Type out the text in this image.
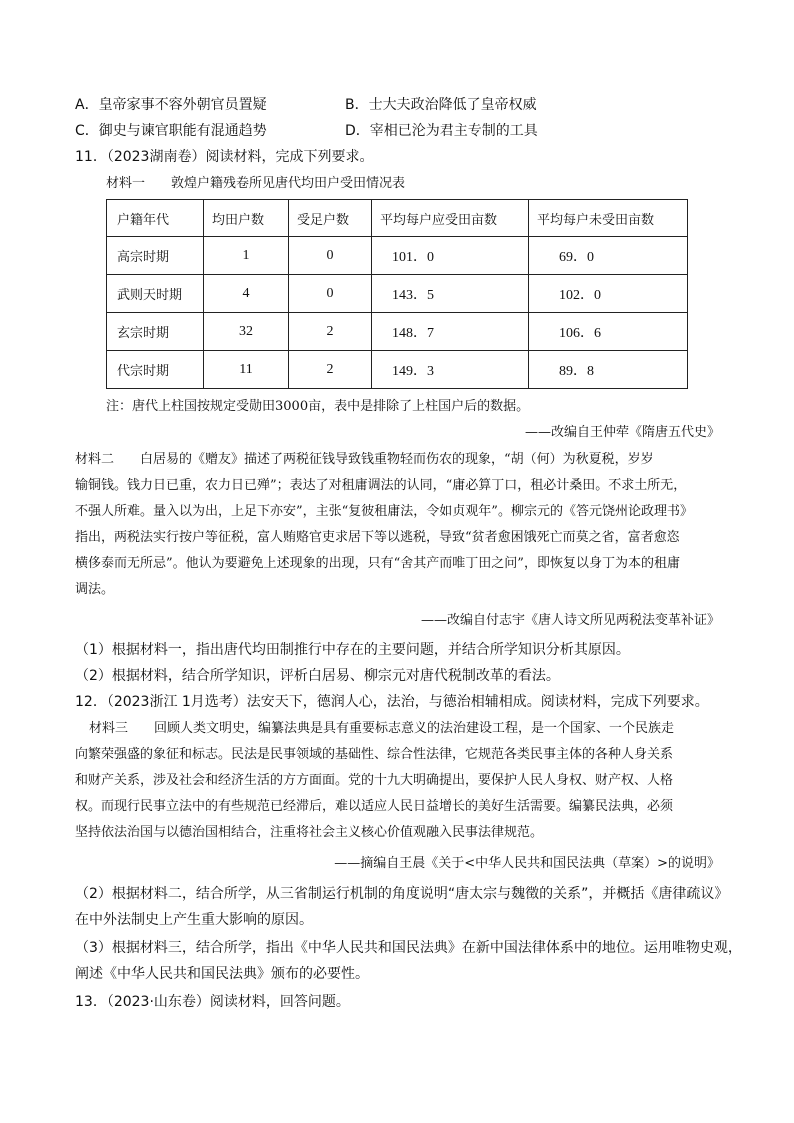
A．皇帝家事不容外朝官员置疑	B．士大夫政治降低了皇帝权威
C．御史与谏官职能有混通趋势	D．宰相已沦为君主专制的工具
11．（2023湖南卷）阅读材料，完成下列要求。
材料一　　敦煌户籍残卷所见唐代均田户受田情况表
户籍年代	均田户数	受足户数	平均每户应受田亩数	平均每户未受田亩数
高宗时期	1	0	101．0	69．0
武则天时期	4	0	143．5	102．0
玄宗时期	32	2	148．7	106．6
代宗时期	11	2	149．3	89．8
注：唐代上柱国按规定受勋田3000亩，表中是排除了上柱国户后的数据。
——改编自王仲荦《隋唐五代史》
材料二　　白居易的《赠友》描述了两税征钱导致钱重物轻而伤农的现象，“胡（何）为秋夏税，岁岁
输铜钱。钱力日已重，农力日已殚”；表达了对租庸调法的认同，“庸必算丁口，租必计桑田。不求土所无，
不强人所难。量入以为出，上足下亦安”，主张“复彼租庸法，令如贞观年”。柳宗元的《答元饶州论政理书》
指出，两税法实行按户等征税，富人贿赂官吏求居下等以逃税，导致“贫者愈困饿死亡而莫之省，富者愈恣
横侈泰而无所忌”。他认为要避免上述现象的出现，只有“舍其产而唯丁田之问”，即恢复以身丁为本的租庸
调法。
——改编自付志宇《唐人诗文所见两税法变革补证》
（1）根据材料一，指出唐代均田制推行中存在的主要问题，并结合所学知识分析其原因。
（2）根据材料，结合所学知识，评析白居易、柳宗元对唐代税制改革的看法。
12．（2023浙江 1月选考）法安天下，德润人心，法治，与德治相辅相成。阅读材料，完成下列要求。
材料三　　回顾人类文明史，编纂法典是具有重要标志意义的法治建设工程，是一个国家、一个民族走
向繁荣强盛的象征和标志。民法是民事领域的基础性、综合性法律，它规范各类民事主体的各种人身关系
和财产关系，涉及社会和经济生活的方方面面。党的十九大明确提出，要保护人民人身权、财产权、人格
权。而现行民事立法中的有些规范已经滞后，难以适应人民日益增长的美好生活需要。编纂民法典，必须
坚持依法治国与以德治国相结合，注重将社会主义核心价值观融入民事法律规范。
——摘编自王晨《关于<中华人民共和国民法典（草案）>的说明》
（2）根据材料二，结合所学，从三省制运行机制的角度说明“唐太宗与魏徵的关系”，并概括《唐律疏议》
在中外法制史上产生重大影响的原因。
（3）根据材料三，结合所学，指出《中华人民共和国民法典》在新中国法律体系中的地位。运用唯物史观，
阐述《中华人民共和国民法典》颁布的必要性。
13．（2023·山东卷）阅读材料，回答问题。
